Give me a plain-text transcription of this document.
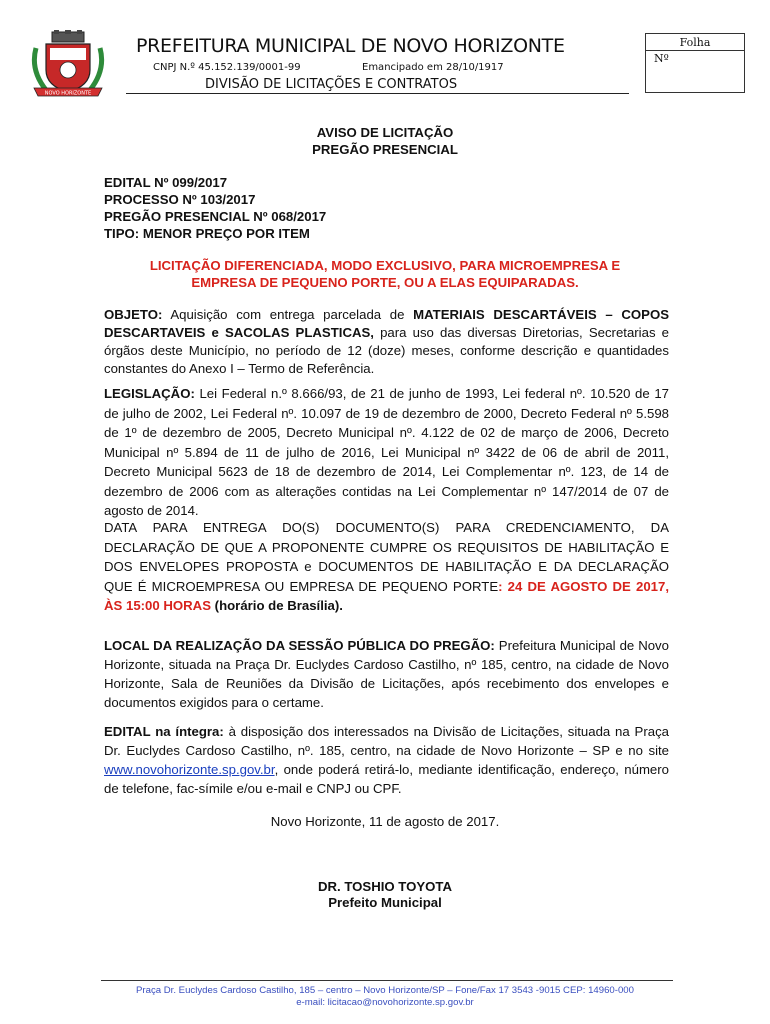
NOVO HORIZONTE
PREFEITURA MUNICIPAL DE NOVO HORIZONTE
CNPJ N.º 45.152.139/0001-99	Emancipado em 28/10/1917
DIVISÃO DE LICITAÇÕES E CONTRATOS
Folha
Nº
AVISO DE LICITAÇÃO
PREGÃO PRESENCIAL
EDITAL Nº 099/2017
PROCESSO Nº 103/2017
PREGÃO PRESENCIAL Nº 068/2017
TIPO: MENOR PREÇO POR ITEM
LICITAÇÃO DIFERENCIADA, MODO EXCLUSIVO, PARA MICROEMPRESA E
EMPRESA DE PEQUENO PORTE, OU A ELAS EQUIPARADAS.
OBJETO: Aquisição com entrega parcelada de MATERIAIS DESCARTÁVEIS – COPOS DESCARTAVEIS e SACOLAS PLASTICAS, para uso das diversas Diretorias, Secretarias e órgãos deste Município, no período de 12 (doze) meses, conforme descrição e quantidades constantes do Anexo I – Termo de Referência.
LEGISLAÇÃO: Lei Federal n.º 8.666/93, de 21 de junho de 1993, Lei federal nº. 10.520 de 17 de julho de 2002, Lei Federal nº. 10.097 de 19 de dezembro de 2000, Decreto Federal nº 5.598 de 1º de dezembro de 2005, Decreto Municipal nº. 4.122 de 02 de março de 2006, Decreto Municipal nº 5.894 de 11 de julho de 2016, Lei Municipal nº 3422 de 06 de abril de 2011, Decreto Municipal 5623 de 18 de dezembro de 2014, Lei Complementar nº. 123, de 14 de dezembro de 2006 com as alterações contidas na Lei Complementar nº 147/2014 de 07 de agosto de 2014.
DATA PARA ENTREGA DO(S) DOCUMENTO(S) PARA CREDENCIAMENTO, DA DECLARAÇÃO DE QUE A PROPONENTE CUMPRE OS REQUISITOS DE HABILITAÇÃO E DOS ENVELOPES PROPOSTA e DOCUMENTOS DE HABILITAÇÃO E DA DECLARAÇÃO QUE É MICROEMPRESA OU EMPRESA DE PEQUENO PORTE: 24 DE AGOSTO DE 2017, ÀS 15:00 HORAS (horário de Brasília).
LOCAL DA REALIZAÇÃO DA SESSÃO PÚBLICA DO PREGÃO: Prefeitura Municipal de Novo Horizonte, situada na Praça Dr. Euclydes Cardoso Castilho, nº 185, centro, na cidade de Novo Horizonte, Sala de Reuniões da Divisão de Licitações, após recebimento dos envelopes e documentos exigidos para o certame.
EDITAL na íntegra: à disposição dos interessados na Divisão de Licitações, situada na Praça Dr. Euclydes Cardoso Castilho, nº. 185, centro, na cidade de Novo Horizonte – SP e no site www.novohorizonte.sp.gov.br, onde poderá retirá-lo, mediante identificação, endereço, número de telefone, fac-símile e/ou e-mail e CNPJ ou CPF.
Novo Horizonte, 11 de agosto de 2017.
DR. TOSHIO TOYOTA
Prefeito Municipal
Praça Dr. Euclydes Cardoso Castilho, 185 – centro – Novo Horizonte/SP – Fone/Fax 17 3543 -9015 CEP: 14960-000
e-mail: licitacao@novohorizonte.sp.gov.br
